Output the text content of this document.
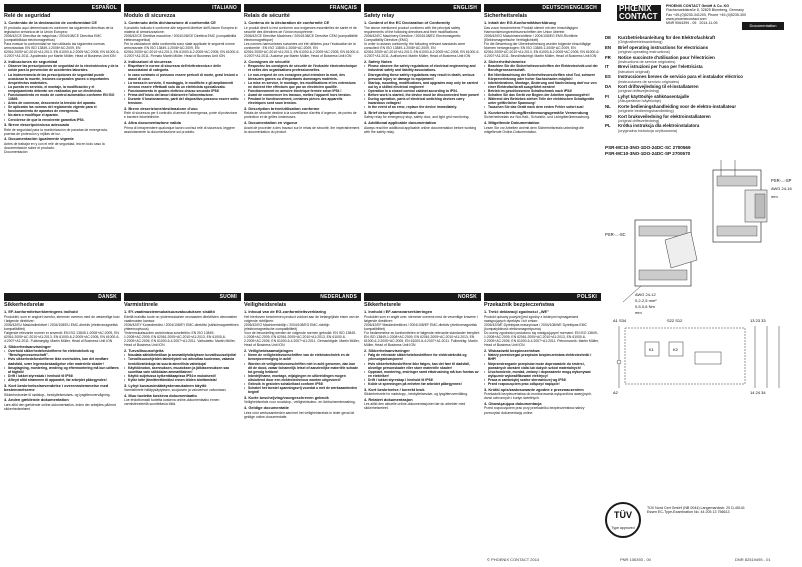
ESPAÑOL	ITALIANO	FRANÇAIS	ENGLISH	DEUTSCH/ENGLISCH
Relé de seguridad
1. Contenido de la declaración de conformidad CE

El producto aquí determinado es conforme las siguientes directivas de la legislación armónica de la Unión Europea:

2006/42/CE Directiva de máquinas / 2004/108/CE Directiva EMC (compatibilidad electromagnética)

Para evaluar la conformidad se han utilizado las siguientes normas armonizadas: EN ISO 13849-1:2008+AC:2009, EN 62061:2005+AC:2010+A1:2013, EN 61000-6-2:2005+AC:2005, EN 61000-6-4:2007+A1:2011. Apoderado por Martin Müller, Head of Business Unit ION

2. Indicaciones de seguridad
• Observe las prescripciones de seguridad de la electrotécnica y de la unión para la prevención de accidentes laborales.
• La inobservancia de las prescripciones de seguridad puede ocasionar la muerte, lesiones corporales graves o importantes desperfectos materiales.
• La puesta en servicio, el montaje, la modificación y el reequipamiento deberán ser realizados por un electricista.
• Funcionamiento en modo de control automático conforme EN ISO 13849.
• Antes de comenzar, desconecte la tensión del aparato.
• Se aplicarán las normas del reglamento vigente para el funcionamiento de aparatos de emergencia.
• No abra o modifique el aparato.
• Cerciórese de que la envolvente garantiza IP54.
3. Breve descripción/uso adecuado

Relé de seguridad para la monitorización de paradas de emergencia, puertas de protección y rejillas de luz.

4. Documentación igualmente vigente

Antes de trabajar en y con el relé de seguridad, lea en todo caso la documentación sobre el producto.

Documentación

Modulo di sicurezza
1. Contenuto della dichiarazione di conformità CE

Il prodotto indicato è conforme alle seguenti direttive dell'Unione Europea in materia di armonizzazione:

2006/42/CE Direttiva macchine / 2004/108/CE Direttiva EMC (compatibilità elettromagnetica)

Per la valutazione della conformità sono state applicate le seguenti norme armonizzate: EN ISO 13849-1:2008+AC:2009, EN 62061:2005+AC:2010+A1:2013, EN 61000-6-2:2005+AC:2005, EN 61000-6-4:2007+A1:2011. Firmato Martin Müller, Head of Business Unit ION

2. Indicazioni di sicurezza
• Rispettare le norme di sicurezza dell'elettrotecnica e delle associazioni di categoria.
• In caso contrario ci possono essere pericoli di morte, gravi lesioni o danni di cose.
• La messa in servizio, il montaggio, le modifiche e gli ampliamenti devono essere effettuati solo da un elettricista specializzato.
• Funzionamento in quadro elettrico chiuso secondo IP54!
• Prima dell'inizio dei lavori disinserire l'alimentazione.
• Durante il funzionamento, parti del dispositivo possono essere sotto tensione.
3. Breve descrizione/destinazione d'uso

Relè di sicurezza per il controllo di arresti di emergenza, porte di protezione e barriere fotoelettriche.

4. Altra documentazione valida

Prima di intraprendere qualunque lavoro con/sul relè di sicurezza, leggere assolutamente la documentazione sul prodotto.

Relais de sécurité
1. Contenu de la déclaration de conformité CE

Le produit décrit ici est conforme aux exigences essentielles de santé et de sécurité des directives de l'Union européenne :

2006/42/CE Directive Machines / 2004/108/CE Directive CEM (compatibilité électromagnétique)

Les normes harmonisées suivantes ont été utilisées pour l'évaluation de la conformité : EN ISO 13849-1:2008+AC:2009, EN 62061:2005+AC:2010+A1:2013, EN 61000-6-2:2005+AC:2005, EN 61000-6-4:2007+A1:2011. Autorisé par Martin Müller, Head of Business Unit ION

2. Consignes de sécurité
• Respectez les consignes de sécurité de l'industrie électrotechnique et celles des organisations professionnelles.
• Le non-respect de ces consignes peut entraîner la mort, des blessures graves ou d'importants dommages matériels.
• La mise en service, le montage, les modifications et les extensions ne doivent être effectués que par un électricien qualifié.
• Fonctionnement en armoire électrique fermée selon IP54 !
• Avant de commencer les travaux, mettez l'appareil hors tension.
• Pendant le fonctionnement, certaines pièces des appareils électriques sont sous tension.
3. Description brève/utilisation conforme

Relais de sécurité destiné à la surveillance d'arrêts d'urgence, de portes de protection et de grilles lumineuses.

4. Documentation en vigueur

Avant de procéder à des travaux sur le relais de sécurité, lire impérativement la documentation du produit.

Safety relay
1. Content of the EC Declaration of Conformity

The above mentioned product conforms with the principal safety requirements of the following directives and their modifications:

2006/42/EC Machinery Directive / 2004/108/EC Electromagnetic Compatibility Directive (EMC)

In order to assess conformity, the following relevant standards were consulted: EN ISO 13849-1:2008+AC:2009, EN 62061:2005+AC:2010+A1:2013, EN 61000-6-2:2005+AC:2005, EN 61000-6-4:2007+A1:2011. Authorized: Martin Müller, Head of Business Unit ION

2. Safety Notes
• Please observe the safety regulations of electrical engineering and industrial safety and liability associations.
• Disregarding these safety regulations may result in death, serious personal injury or damage to equipment!
• Startup, mounting, modifications, and upgrades may only be carried out by a skilled electrical engineer!
• Operation in a closed control cabinet according to IP54.
• Before work is started, the device must be disconnected from power!
• During operation, parts of electrical switching devices carry hazardous voltages!
• In the event of an error, replace the device immediately.
3. Brief description/Intended use

Safety relay for emergency stop, safety door, and light grid monitoring.

4. Additional applicable documentation

Always read the additional applicable online documentation before working with the safety relay.

Sicherheitsrelais
1. Inhalt der EG-Konformitätserklärung

Das zuvor beschriebene Produkt stimmt mit den einschlägigen Harmonisierungsrechtsvorschriften der Union überein:

2006/42/EG Maschinenrichtlinie / 2004/108/EG EMV-Richtlinie (Elektromagnetische Verträglichkeit)

Für die Bewertung der Übereinstimmung wurden folgende einschlägige Normen herangezogen: EN ISO 13849-1:2008+AC:2009, EN 62061:2005+AC:2010+A1:2013, EN 61000-6-2:2005+AC:2005, EN 61000-6-4:2007+A1:2011. Bevollmächtigt: Martin Müller, Head of Business Unit ION

2. Sicherheitshinweise
• Beachten Sie die Sicherheitsvorschriften der Elektrotechnik und der Berufsgenossenschaft.
• Bei Nichtbeachtung der Sicherheitsvorschriften sind Tod, schwere Körperverletzung oder hoher Sachschaden möglich!
• Inbetriebnahme, Montage, Änderung und Nachrüstung darf nur von einer Elektrofachkraft ausgeführt werden!
• Betrieb im geschlossenen Schaltschrank nach IP54!
• Schalten Sie das Gerät vor Beginn der Arbeiten spannungsfrei!
• Während des Betriebes stehen Teile der elektrischen Schaltgeräte unter gefährlicher Spannung!
• Tauschen Sie das Gerät nach dem ersten Fehler sofort aus!
3. Kurzbeschreibung/Bestimmungsgemäße Verwendung

Sicherheitsrelais zur Not-Halt-, Schutztür- und Lichtgitterüberwachung.

4. Mitgeltende Dokumentation

Lesen Sie vor Arbeiten am/mit dem Sicherheitsrelais unbedingt die mitgeltende Online-Dokumentation.

DANSK	SUOMI	NEDERLANDS	NORSK	POLSKI
Sikkerhedsrelæ
1. EF-konformitetserklæringens indhold

Produktet, som er angivet ovenfor, stemmer overens med de væsentlige krav i følgende direktiver:

2006/42/EU Maskindirektivet / 2004/108/EU EMC-direktiv (elektromagnetisk kompatibilitet)

Følgende relevante normer er anvendt: EN ISO 13849-1:2008+AC:2009, EN 62061:2005+AC:2010+A1:2013, EN 61000-6-2:2005+AC:2005, EN 61000-6-4:2007+A1:2011. Fuldmægtig: Martin Müller, Head of Business Unit ION

2. Sikkerhedsanvisninger
• Overhold sikkerhedsforskrifterne for elektroteknik og "Berufsgenossenschaft".
• Hvis sikkerhedsforskrifterne ikke overholdes, kan det medføre dødsfald, svær legemsbeskadigelse eller materielle skader!
• Ibrugtagning, montering, ændring og eftermontering må kun udføres af fagfolk!
• Drift i lukket styreskab i henhold til IP54!
• Afbryd altid strømmen til apparatet, før arbejdet påbegyndes!
3. Kort beskrivelse/anvendelse i overensstemmelse med bestemmelserne

Sikkerhedsrelæ til nødstop-, beskyttelsesdørs- og lysgitterovervågning.

4. Anden gældende dokumentation

Læs altid den gældende online-dokumentation, inden der arbejdes på/med sikkerhedsrelæet.

Varmistinrele
1. EY-vaatimustenmukaisuusvakuutuksen sisältö

Edellä mainittu tuote on yhdenmukainen seuraavien direktiivien olennaisten vaatimusten kanssa:

2006/42/EY Konedirektiivi / 2004/108/EY EMC-direktiivi (sähkömagneettinen yhteensopivuus)

Yhdenmukaisuuden arvioinnissa sovellettiin: EN ISO 13849-1:2008+AC:2009, EN 62061:2005+AC:2010+A1:2013, EN 61000-6-2:2005+AC:2005, EN 61000-6-4:2007+A1:2011. Valtuutettu: Martin Müller, Head of Business Unit ION

2. Turvallisuusohjeita
• Noudata sähkötekniikan ja ammattiyhdistyksen turvallisuusohjeita!
• Turvallisuusohjeiden laiminlyönti voi aiheuttaa kuoleman, vakavia henkilövahinkoja tai suuria aineellisia vahinkoja!
• Käyttöönoton, asennuksen, muutoksen ja jälkiasennuksen saa suorittaa vain sähköalan ammattilainen!
• Käyttö suljetussa kytkentäkaapissa IP54:n mukaisesti!
• Kytke laite jännitteettömäksi ennen töiden aloittamista!
3. Lyhyt kuvaus/määräystenmukainen käyttö

Varmistinrele hätäpysäytyksen, suojaoven ja valoverhon valvontaan.

4. Muu tuotetta koskeva dokumentaatio

Lue ehdottomasti tuotetta koskeva online-dokumentaatio ennen varmistinreleellä suoritettavia töitä.

Veiligheidsrelais
1. Inhoud van de EG-conformiteitsverklaring

Het hierboven beschreven product voldoet aan de belangrijkste eisen van de volgende richtlijnen:

2006/42/EG Machinerichtlijn / 2004/108/EG EMC-richtlijn (elektromagnetische compatibiliteit)

Voor de beoordeling werden de volgende normen gebruikt: EN ISO 13849-1:2008+AC:2009, EN 62061:2005+AC:2010+A1:2013, EN 61000-6-2:2005+AC:2005, EN 61000-6-4:2007+A1:2011. Gemachtigde: Martin Müller, Head of Business Unit ION

2. Veiligheidsaanwijzingen
• Neem de veiligheidsvoorschriften van de elektrotechniek en de beroepsvereniging in acht!
• Worden de veiligheidsvoorschriften niet in acht genomen, dan kan dit de dood, zwaar lichamelijk letsel of aanzienlijke materiële schade tot gevolg hebben!
• Inbedrijfname, montage, wijzigingen en uitbreidingen mogen uitsluitend door een elektrotechnicus worden uitgevoerd!
• Gebruik in gesloten schakelkast conform IP54!
• Schakel het toestel spanningsvrij voordat u met de werkzaamheden begint!
3. Korte beschrijving/voorgeschreven gebruik

Veiligheidsrelais voor noodstop-, veiligheidsdeur- en lichtschermbewaking.

4. Geldige documentatie

Lees vóór werkzaamheden aan/met het veiligheidsrelais in ieder geval de geldige online-documentatie.

Sikkerhetsrele
1. Innhold i EF-samsvarserklæringen

Produktet som er angitt over, stemmer overens med de vesentlige kravene i følgende direktiver:

2006/42/EF Maskindirektivet / 2004/108/EF EMC-direktiv (elektromagnetisk kompatibilitet)

For bedømmelse av konformiteten er følgende relevante standarder benyttet: EN ISO 13849-1:2008+AC:2009, EN 62061:2005+AC:2010+A1:2013, EN 61000-6-2:2005+AC:2005, EN 61000-6-4:2007+A1:2011. Fullmektig: Martin Müller, Head of Business Unit ION

2. Sikkerhetsanvisninger
• Følg de relevante sikkerhetsforskriftene for elektroteknikk og yrkesorganisasjonen!
• Hvis sikkerhetsforskriftene ikke følges, kan det føre til dødsfall, alvorlige personskader eller store materielle skader!
• Oppstart, montering, endringer samt ettutrustning må kun foretas av en elektriker!
• Drift i lukket styreskap i henhold til IP54!
• Koble ut spenningen på enheten før arbeidet påbegynnes!
3. Kort beskrivelse / korrekt bruk

Sikkerhetsrele for nødstopp-, beskyttelsesdør- og lysgitterovervåking.

4. Relatert dokumentasjon

Les alltid den aktuelle online-dokumentasjonen før du arbeider med sikkerhetsreleet.

Przekaźnik bezpieczeństwa
1. Treść deklaracji zgodności „WE"

Produkt opisany powyżej jest zgodny z istotnymi wymaganiami następujących dyrektyw i ich zmian:

2006/42/WE Dyrektywa maszynowa / 2004/108/WE Dyrektywa EMC (kompatybilność elektromagnetyczna)

Do oceny zgodności posłużono się następującymi normami: EN ISO 13849-1:2008+AC:2009, EN 62061:2005+AC:2010+A1:2013, EN 61000-6-2:2005+AC:2005, EN 61000-6-4:2007+A1:2011. Pełnomocnik: Martin Müller, Head of Business Unit ION

2. Wskazówki bezpieczeństwa
• Należy przestrzegać przepisów bezpieczeństwa elektrotechniki i BHP!
• Nieprzestrzeganie przepisów może doprowadzić do śmierci, poważnych obrażeń ciała lub dużych szkód materialnych!
• Uruchomienie, montaż, zmiany i doposażenie mogą wykonywać wyłącznie wykwalifikowani elektrycy!
• Praca w zamkniętej szafce sterowniczej wg IP54!
• Przed rozpoczęciem prac odłączyć napięcie!
3. Krótki opis/zastosowanie zgodne z przeznaczeniem

Przekaźnik bezpieczeństwa do monitorowania wyłączników awaryjnych, drzwi ochronnych i kurtyn świetlnych.

4. Obowiązująca dokumentacja

Przed rozpoczęciem prac przy przekaźniku bezpieczeństwa należy przeczytać dokumentację online.

PHŒNIX
CONTACT
PHOENIX CONTACT GmbH & Co. KG
Flachsmarktstraße 8, 32825 Blomberg, Germany
Fax +49-(0)5235-341200, Phone +49-(0)5235-300
www.phoenixcontact.com
MNR 9064399 - 05 2014-11-05	Documentation
DE Kurzbetriebsanleitung für den Elektrofachkraft
(Originalbetriebsanleitung)
EN Brief operating instructions for electricians
(original operating instructions)
FR Notice succincte d'utilisation pour l'électricien
(instructions de service originales)
IT Brevi istruzioni per l'uso per l'elettricista
(istruzioni originali)
ES Instrucciones breves de servicio para el instalador eléctrico
(instrucciones de servicio originales)
DA Kort driftsvejledning til el-installatøren
(original driftsvejledning)
FI Lyhyt käyttöohje sähköasentajalle
(Alkuperäinen käyttöohje)
NL Korte bedieningshandleiding voor de elektro-installateur
(originele bedieningshandleiding)
NO Kort bruksveiledning for elektroinstallatøren
(original driftsveiledning)
PL Krótka instrukcja dla elektroinstalatora
(oryginalna instrukcja użytkowania)
PSR-MC10-3NO-1DO-24DC-SC 2700569
PSR-MC10-3NO-1DO-24DC-SP 2700570
PSR-...-SP
AWG 24-16
mm
PSR-...-SC
AWG 24-12
0,2-2,5 mm²
0,5-0,6 Nm
mm
A1 S34	S22 S12	13 23 33
K1	K2
A2	14 24 34
TÜV
Type approved
TÜV Nord Cert GmbH (NB 0044) Langemarckstr. 20 D-45141 Essen EC-Type-Examination No. 44 205 13 756613
© PHOENIX CONTACT 2014	PNR 106393 - 00	DNR 82519495 - 01
